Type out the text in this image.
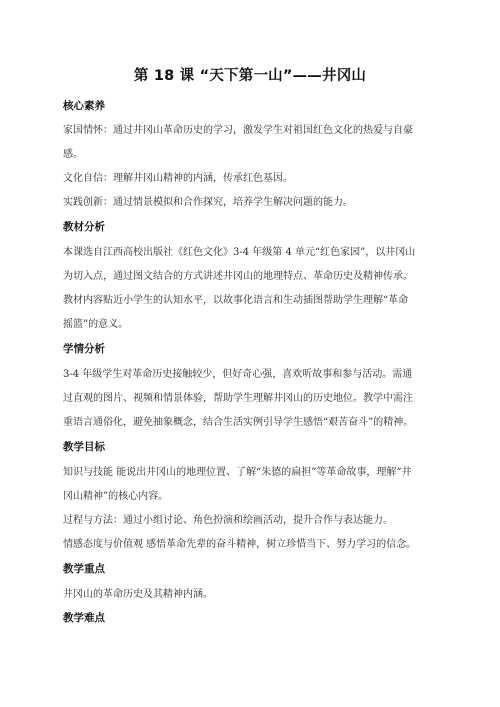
第 18 课 “天下第一山”——井冈山
核心素养
家国情怀：通过井冈山革命历史的学习，激发学生对祖国红色文化的热爱与自豪
感。
文化自信：理解井冈山精神的内涵，传承红色基因。
实践创新：通过情景模拟和合作探究，培养学生解决问题的能力。
教材分析
本课选自江西高校出版社《红色文化》3-4 年级第 4 单元“红色家园”，以井冈山
为切入点，通过图文结合的方式讲述井冈山的地理特点、革命历史及精神传承。
教材内容贴近小学生的认知水平，以故事化语言和生动插图帮助学生理解“革命
摇篮”的意义。
学情分析
3-4 年级学生对革命历史接触较少，但好奇心强，喜欢听故事和参与活动。需通
过直观的图片、视频和情景体验，帮助学生理解井冈山的历史地位。教学中需注
重语言通俗化，避免抽象概念，结合生活实例引导学生感悟“艰苦奋斗”的精神。
教学目标
知识与技能 能说出井冈山的地理位置、了解“朱德的扁担”等革命故事，理解“井
冈山精神”的核心内容。
过程与方法：通过小组讨论、角色扮演和绘画活动，提升合作与表达能力。
情感态度与价值观 感悟革命先辈的奋斗精神，树立珍惜当下、努力学习的信念。
教学重点
井冈山的革命历史及其精神内涵。
教学难点
